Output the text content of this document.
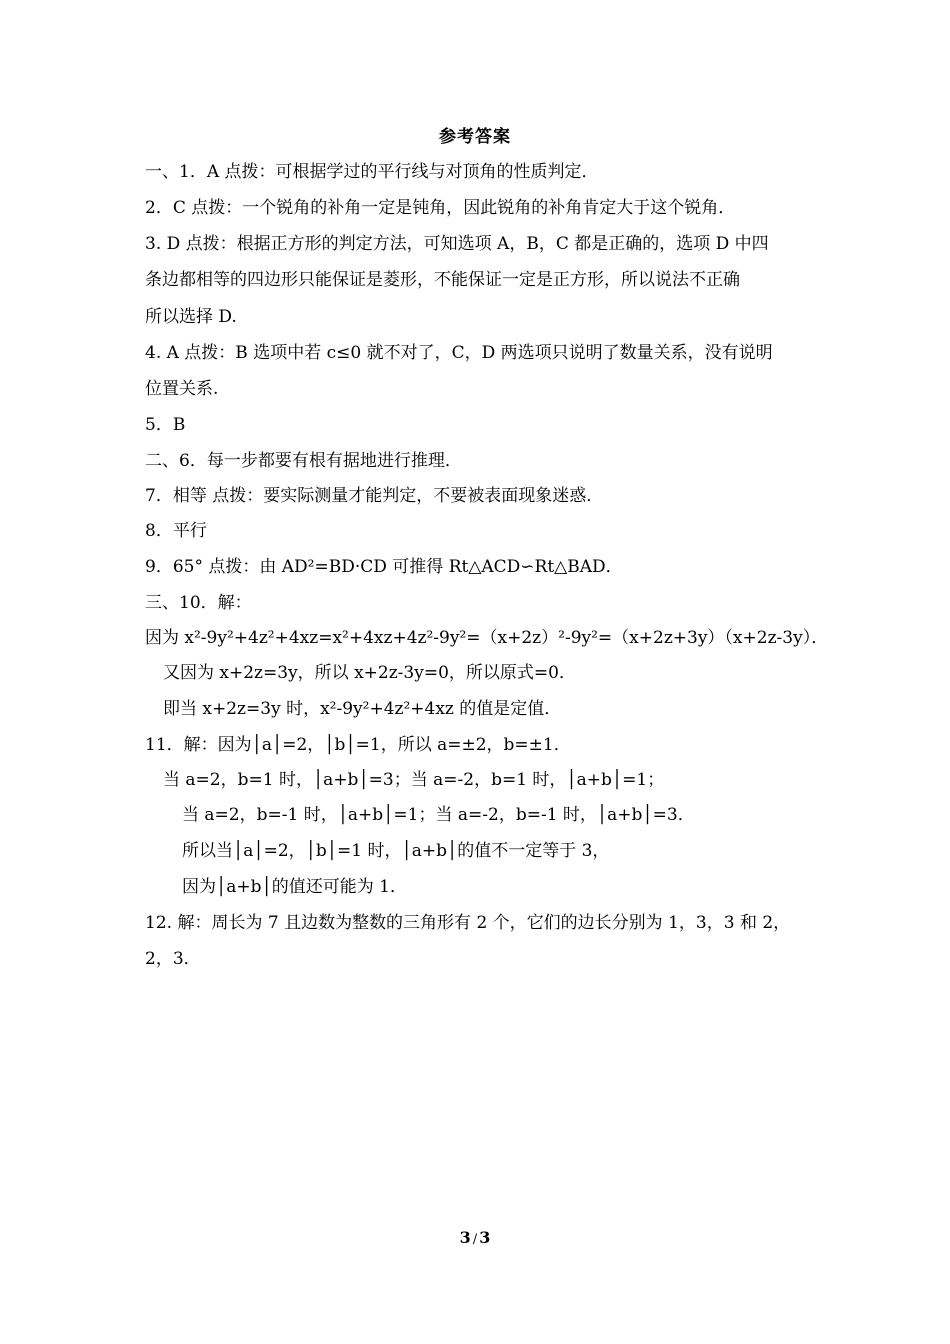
参考答案
一、1．A 点拨：可根据学过的平行线与对顶角的性质判定．
2．C 点拨：一个锐角的补角一定是钝角，因此锐角的补角肯定大于这个锐角．
3. D 点拨：根据正方形的判定方法，可知选项 A，B，C 都是正确的，选项 D 中四
条边都相等的四边形只能保证是菱形，不能保证一定是正方形，所以说法不正确
所以选择 D.
4. A 点拨：B 选项中若 c≤0 就不对了，C，D 两选项只说明了数量关系，没有说明
位置关系.
5．B
二、6．每一步都要有根有据地进行推理．
7．相等 点拨：要实际测量才能判定，不要被表面现象迷惑．
8．平行
9．65° 点拨：由 AD²=BD·CD 可推得 Rt△ACD∽Rt△BAD．
三、10．解：
因为 x²-9y²+4z²+4xz=x²+4xz+4z²-9y²=（x+2z）²-9y²=（x+2z+3y）（x+2z-3y）．
又因为 x+2z=3y，所以 x+2z-3y=0，所以原式=0．
即当 x+2z=3y 时，x²-9y²+4z²+4xz 的值是定值．
11．解：因为│a│=2，│b│=1，所以 a=±2，b=±1．
当 a=2，b=1 时，│a+b│=3；当 a=-2，b=1 时，│a+b│=1；
当 a=2，b=-1 时，│a+b│=1；当 a=-2，b=-1 时，│a+b│=3．
所以当│a│=2，│b│=1 时，│a+b│的值不一定等于 3，
因为│a+b│的值还可能为 1．
12. 解：周长为 7 且边数为整数的三角形有 2 个，它们的边长分别为 1，3，3 和 2，
2，3．
3 / 3
